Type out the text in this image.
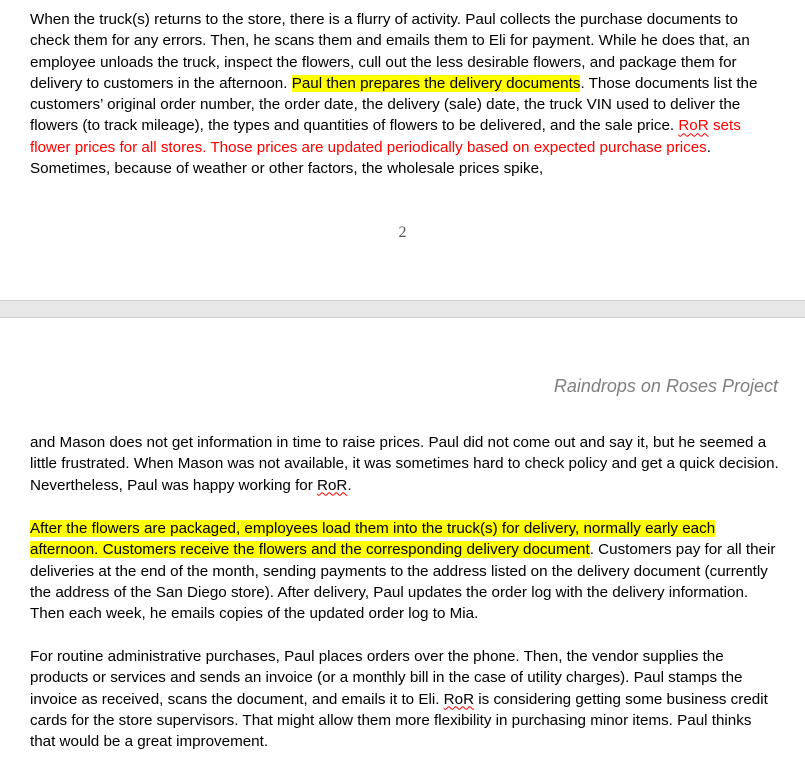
When the truck(s) returns to the store, there is a flurry of activity. Paul collects the purchase documents to check them for any errors. Then, he scans them and emails them to Eli for payment. While he does that, an employee unloads the truck, inspect the flowers, cull out the less desirable flowers, and package them for delivery to customers in the afternoon. Paul then prepares the delivery documents. Those documents list the customers’ original order number, the order date, the delivery (sale) date, the truck VIN used to deliver the flowers (to track mileage), the types and quantities of flowers to be delivered, and the sale price. RoR sets flower prices for all stores. Those prices are updated periodically based on expected purchase prices. Sometimes, because of weather or other factors, the wholesale prices spike,

2
Raindrops on Roses Project

and Mason does not get information in time to raise prices. Paul did not come out and say it, but he seemed a little frustrated. When Mason was not available, it was sometimes hard to check policy and get a quick decision. Nevertheless, Paul was happy working for RoR.

After the flowers are packaged, employees load them into the truck(s) for delivery, normally early each afternoon. Customers receive the flowers and the corresponding delivery document. Customers pay for all their deliveries at the end of the month, sending payments to the address listed on the delivery document (currently the address of the San Diego store). After delivery, Paul updates the order log with the delivery information. Then each week, he emails copies of the updated order log to Mia.

For routine administrative purchases, Paul places orders over the phone. Then, the vendor supplies the products or services and sends an invoice (or a monthly bill in the case of utility charges). Paul stamps the invoice as received, scans the document, and emails it to Eli. RoR is considering getting some business credit cards for the store supervisors. That might allow them more flexibility in purchasing minor items. Paul thinks that would be a great improvement.
